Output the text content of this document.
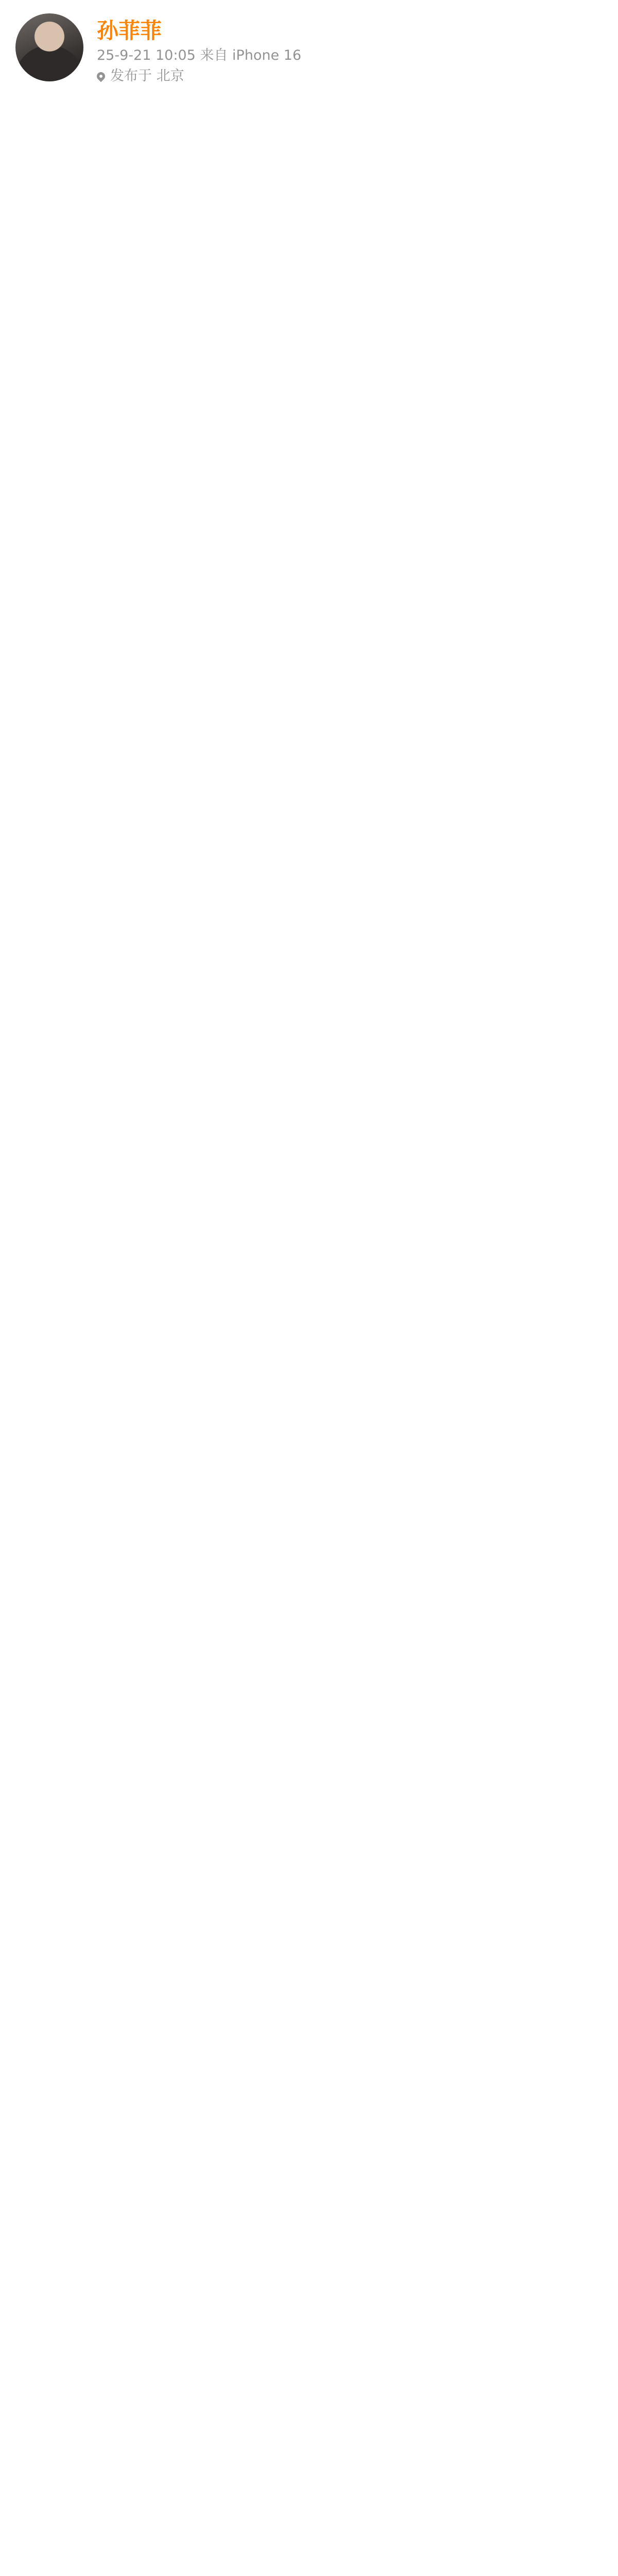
孙菲菲
25-9-21 10:05 来自 iPhone 16
发布于 北京
